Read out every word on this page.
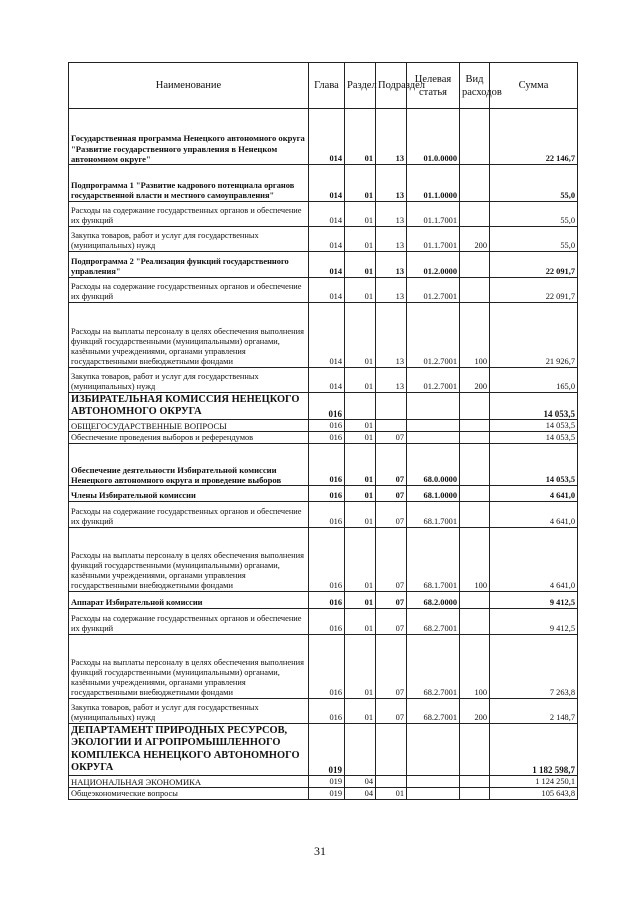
Наименование	Глава	Раздел	Подраздел	Целевая статья	Вид расходов	Сумма
Государственная программа Ненецкого автономного округа "Развитие государственного управления в Ненецком автономном округе"	014	01	13	01.0.0000		22 146,7
Подпрограмма 1 "Развитие кадрового потенциала органов государственной власти и местного самоуправления"	014	01	13	01.1.0000		55,0
Расходы на содержание государственных органов и обеспечение их функций	014	01	13	01.1.7001		55,0
Закупка товаров, работ и услуг для государственных (муниципальных) нужд	014	01	13	01.1.7001	200	55,0
Подпрограмма 2 "Реализация функций государственного управления"	014	01	13	01.2.0000		22 091,7
Расходы на содержание государственных органов и обеспечение их функций	014	01	13	01.2.7001		22 091,7
Расходы на выплаты персоналу в целях обеспечения выполнения функций государственными (муниципальными) органами, казёнными учреждениями, органами управления государственными внебюджетными фондами	014	01	13	01.2.7001	100	21 926,7
Закупка товаров, работ и услуг для государственных (муниципальных) нужд	014	01	13	01.2.7001	200	165,0
ИЗБИРАТЕЛЬНАЯ КОМИССИЯ НЕНЕЦКОГО АВТОНОМНОГО ОКРУГА	016					14 053,5
ОБЩЕГОСУДАРСТВЕННЫЕ ВОПРОСЫ	016	01				14 053,5
Обеспечение проведения выборов и референдумов	016	01	07			14 053,5
Обеспечение деятельности Избирательной комиссии Ненецкого автономного округа и проведение выборов	016	01	07	68.0.0000		14 053,5
Члены Избирательной комиссии	016	01	07	68.1.0000		4 641,0
Расходы на содержание государственных органов и обеспечение их функций	016	01	07	68.1.7001		4 641,0
Расходы на выплаты персоналу в целях обеспечения выполнения функций государственными (муниципальными) органами, казёнными учреждениями, органами управления государственными внебюджетными фондами	016	01	07	68.1.7001	100	4 641,0
Аппарат Избирательной комиссии	016	01	07	68.2.0000		9 412,5
Расходы на содержание государственных органов и обеспечение их функций	016	01	07	68.2.7001		9 412,5
Расходы на выплаты персоналу в целях обеспечения выполнения функций государственными (муниципальными) органами, казёнными учреждениями, органами управления государственными внебюджетными фондами	016	01	07	68.2.7001	100	7 263,8
Закупка товаров, работ и услуг для государственных (муниципальных) нужд	016	01	07	68.2.7001	200	2 148,7
ДЕПАРТАМЕНТ ПРИРОДНЫХ РЕСУРСОВ, ЭКОЛОГИИ И АГРОПРОМЫШЛЕННОГО КОМПЛЕКСА НЕНЕЦКОГО АВТОНОМНОГО ОКРУГА	019					1 182 598,7
НАЦИОНАЛЬНАЯ ЭКОНОМИКА	019	04				1 124 250,1
Общеэкономические вопросы	019	04	01			105 643,8
31
